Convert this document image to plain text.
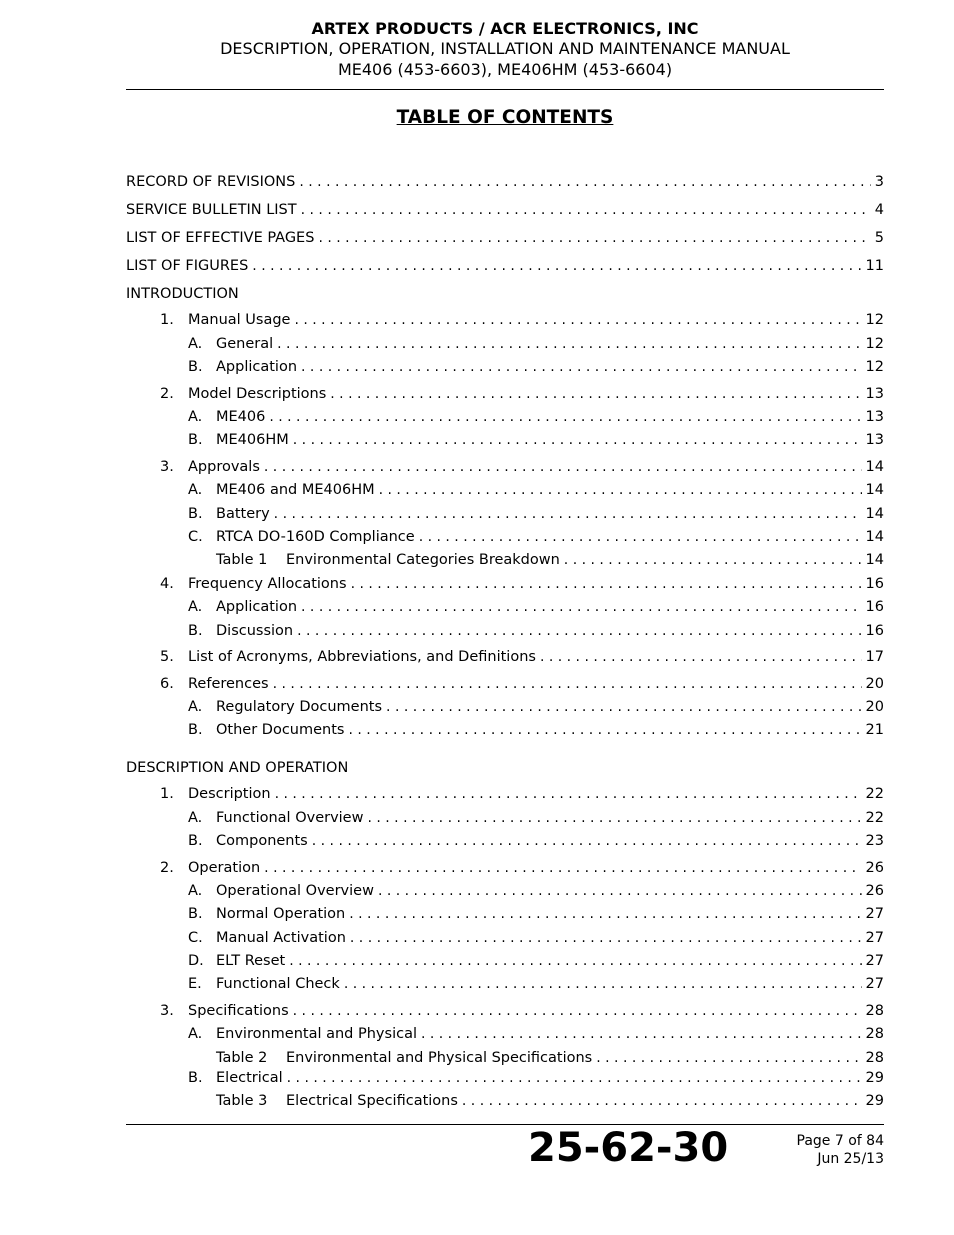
ARTEX PRODUCTS / ACR ELECTRONICS, INC
DESCRIPTION, OPERATION, INSTALLATION AND MAINTENANCE MANUAL
ME406 (453-6603), ME406HM (453-6604)
TABLE OF CONTENTS
RECORD OF REVISIONS . . .	3
SERVICE BULLETIN LIST . . .	4
LIST OF EFFECTIVE PAGES . . .	5
LIST OF FIGURES . . .	11
INTRODUCTION
1. Manual Usage . . .	12
A. General . . .	12
B. Application . . .	12
2. Model Descriptions . . .	13
A. ME406 . . .	13
B. ME406HM . . .	13
3. Approvals . . .	14
A. ME406 and ME406HM . . .	14
B. Battery . . .	14
C. RTCA DO-160D Compliance . . .	14
Table 1	Environmental Categories Breakdown . . .	14
4. Frequency Allocations . . .	16
A. Application . . .	16
B. Discussion . . .	16
5. List of Acronyms, Abbreviations, and Definitions . . .	17
6. References . . .	20
A. Regulatory Documents . . .	20
B. Other Documents . . .	21
DESCRIPTION AND OPERATION
1. Description . . .	22
A. Functional Overview . . .	22
B. Components . . .	23
2. Operation . . .	26
A. Operational Overview . . .	26
B. Normal Operation . . .	27
C. Manual Activation . . .	27
D. ELT Reset . . .	27
E. Functional Check . . .	27
3. Specifications . . .	28
A. Environmental and Physical . . .	28
Table 2	Environmental and Physical Specifications . . .	28
B. Electrical . . .	29
Table 3	Electrical Specifications . . .	29
25-62-30	Page 7 of 84
Jun 25/13
